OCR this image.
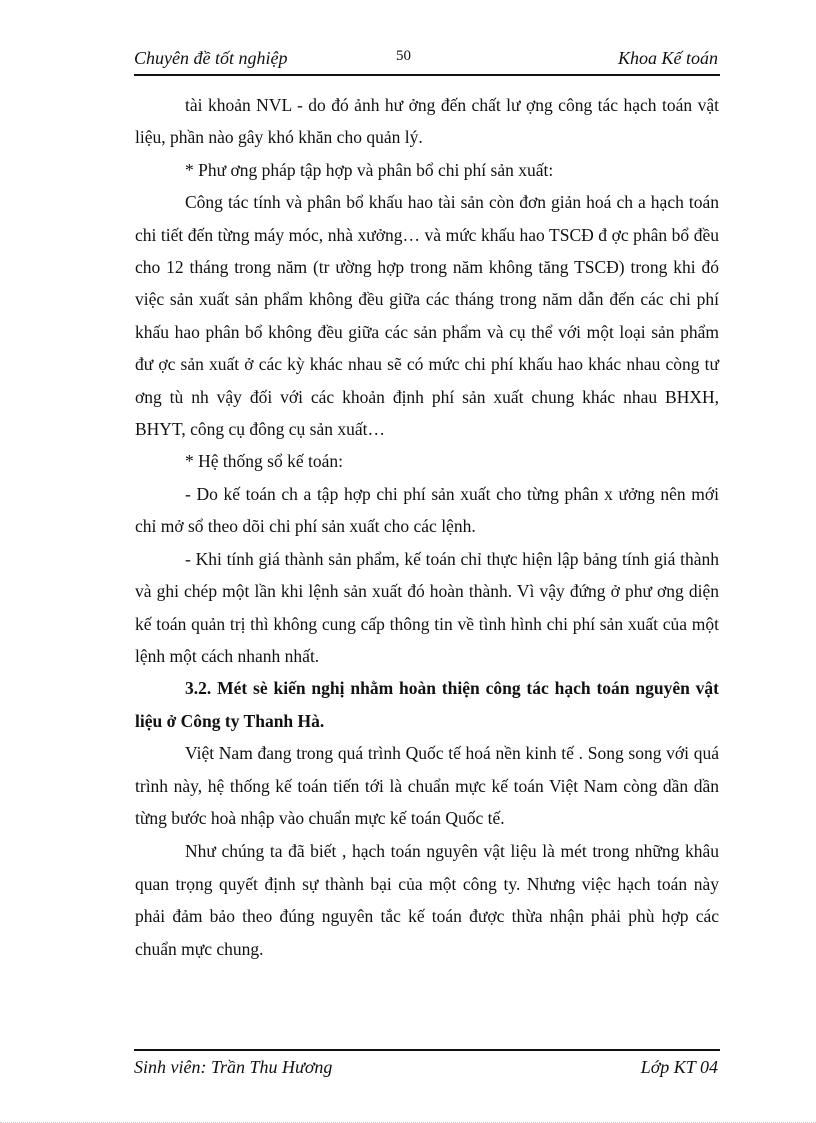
Chuyên đề tốt nghiệp	50	Khoa Kế toán

tài khoản NVL - do đó ảnh hư ởng đến chất lư ợng công tác hạch toán vật liệu, phần nào gây khó khăn cho quản lý.

* Phư ơng pháp tập hợp và phân bổ chi phí sản xuất:

Công tác tính và phân bổ khấu hao tài sản còn đơn giản hoá ch a hạch toán chi tiết đến từng máy móc, nhà xưởng… và mức khấu hao TSCĐ đ ợc phân bổ đều cho 12 tháng trong năm (tr ường hợp trong năm không tăng TSCĐ) trong khi đó việc sản xuất sản phẩm không đều giữa các tháng trong năm dẫn đến các chi phí khấu hao phân bổ không đều giữa các sản phẩm và cụ thể với một loại sản phẩm đư ợc sản xuất ở các kỳ khác nhau sẽ có mức chi phí khấu hao khác nhau còng tư ơng tù nh vậy đối với các khoản định phí sản xuất chung khác nhau BHXH, BHYT, công cụ đông cụ sản xuất…

* Hệ thống sổ kế toán:

- Do kế toán ch a tập hợp chi phí sản xuất cho từng phân x ưởng nên mới chỉ mở sổ theo dõi chi phí sản xuất cho các lệnh.

- Khi tính giá thành sản phẩm, kế toán chỉ thực hiện lập bảng tính giá thành và ghi chép một lần khi lệnh sản xuất đó hoàn thành. Vì vậy đứng ở phư ơng diện kế toán quản trị thì không cung cấp thông tin về tình hình chi phí sản xuất của một lệnh một cách nhanh nhất.

3.2. Mét sè kiến nghị nhằm hoàn thiện công tác hạch toán nguyên vật liệu ở Công ty Thanh Hà.

Việt Nam đang trong quá trình Quốc tế hoá nền kinh tế . Song song với quá trình này, hệ thống kế toán tiến tới là chuẩn mực kế toán Việt Nam còng dần dần từng bước hoà nhập vào chuẩn mực kế toán Quốc tế.

Như chúng ta đã biết , hạch toán nguyên vật liệu là mét trong những khâu quan trọng quyết định sự thành bại của một công ty. Nhưng việc hạch toán này phải đảm bảo theo đúng nguyên tắc kế toán được thừa nhận phải phù hợp các chuẩn mực chung.

Sinh viên: Trần Thu Hương	Lớp KT 04
